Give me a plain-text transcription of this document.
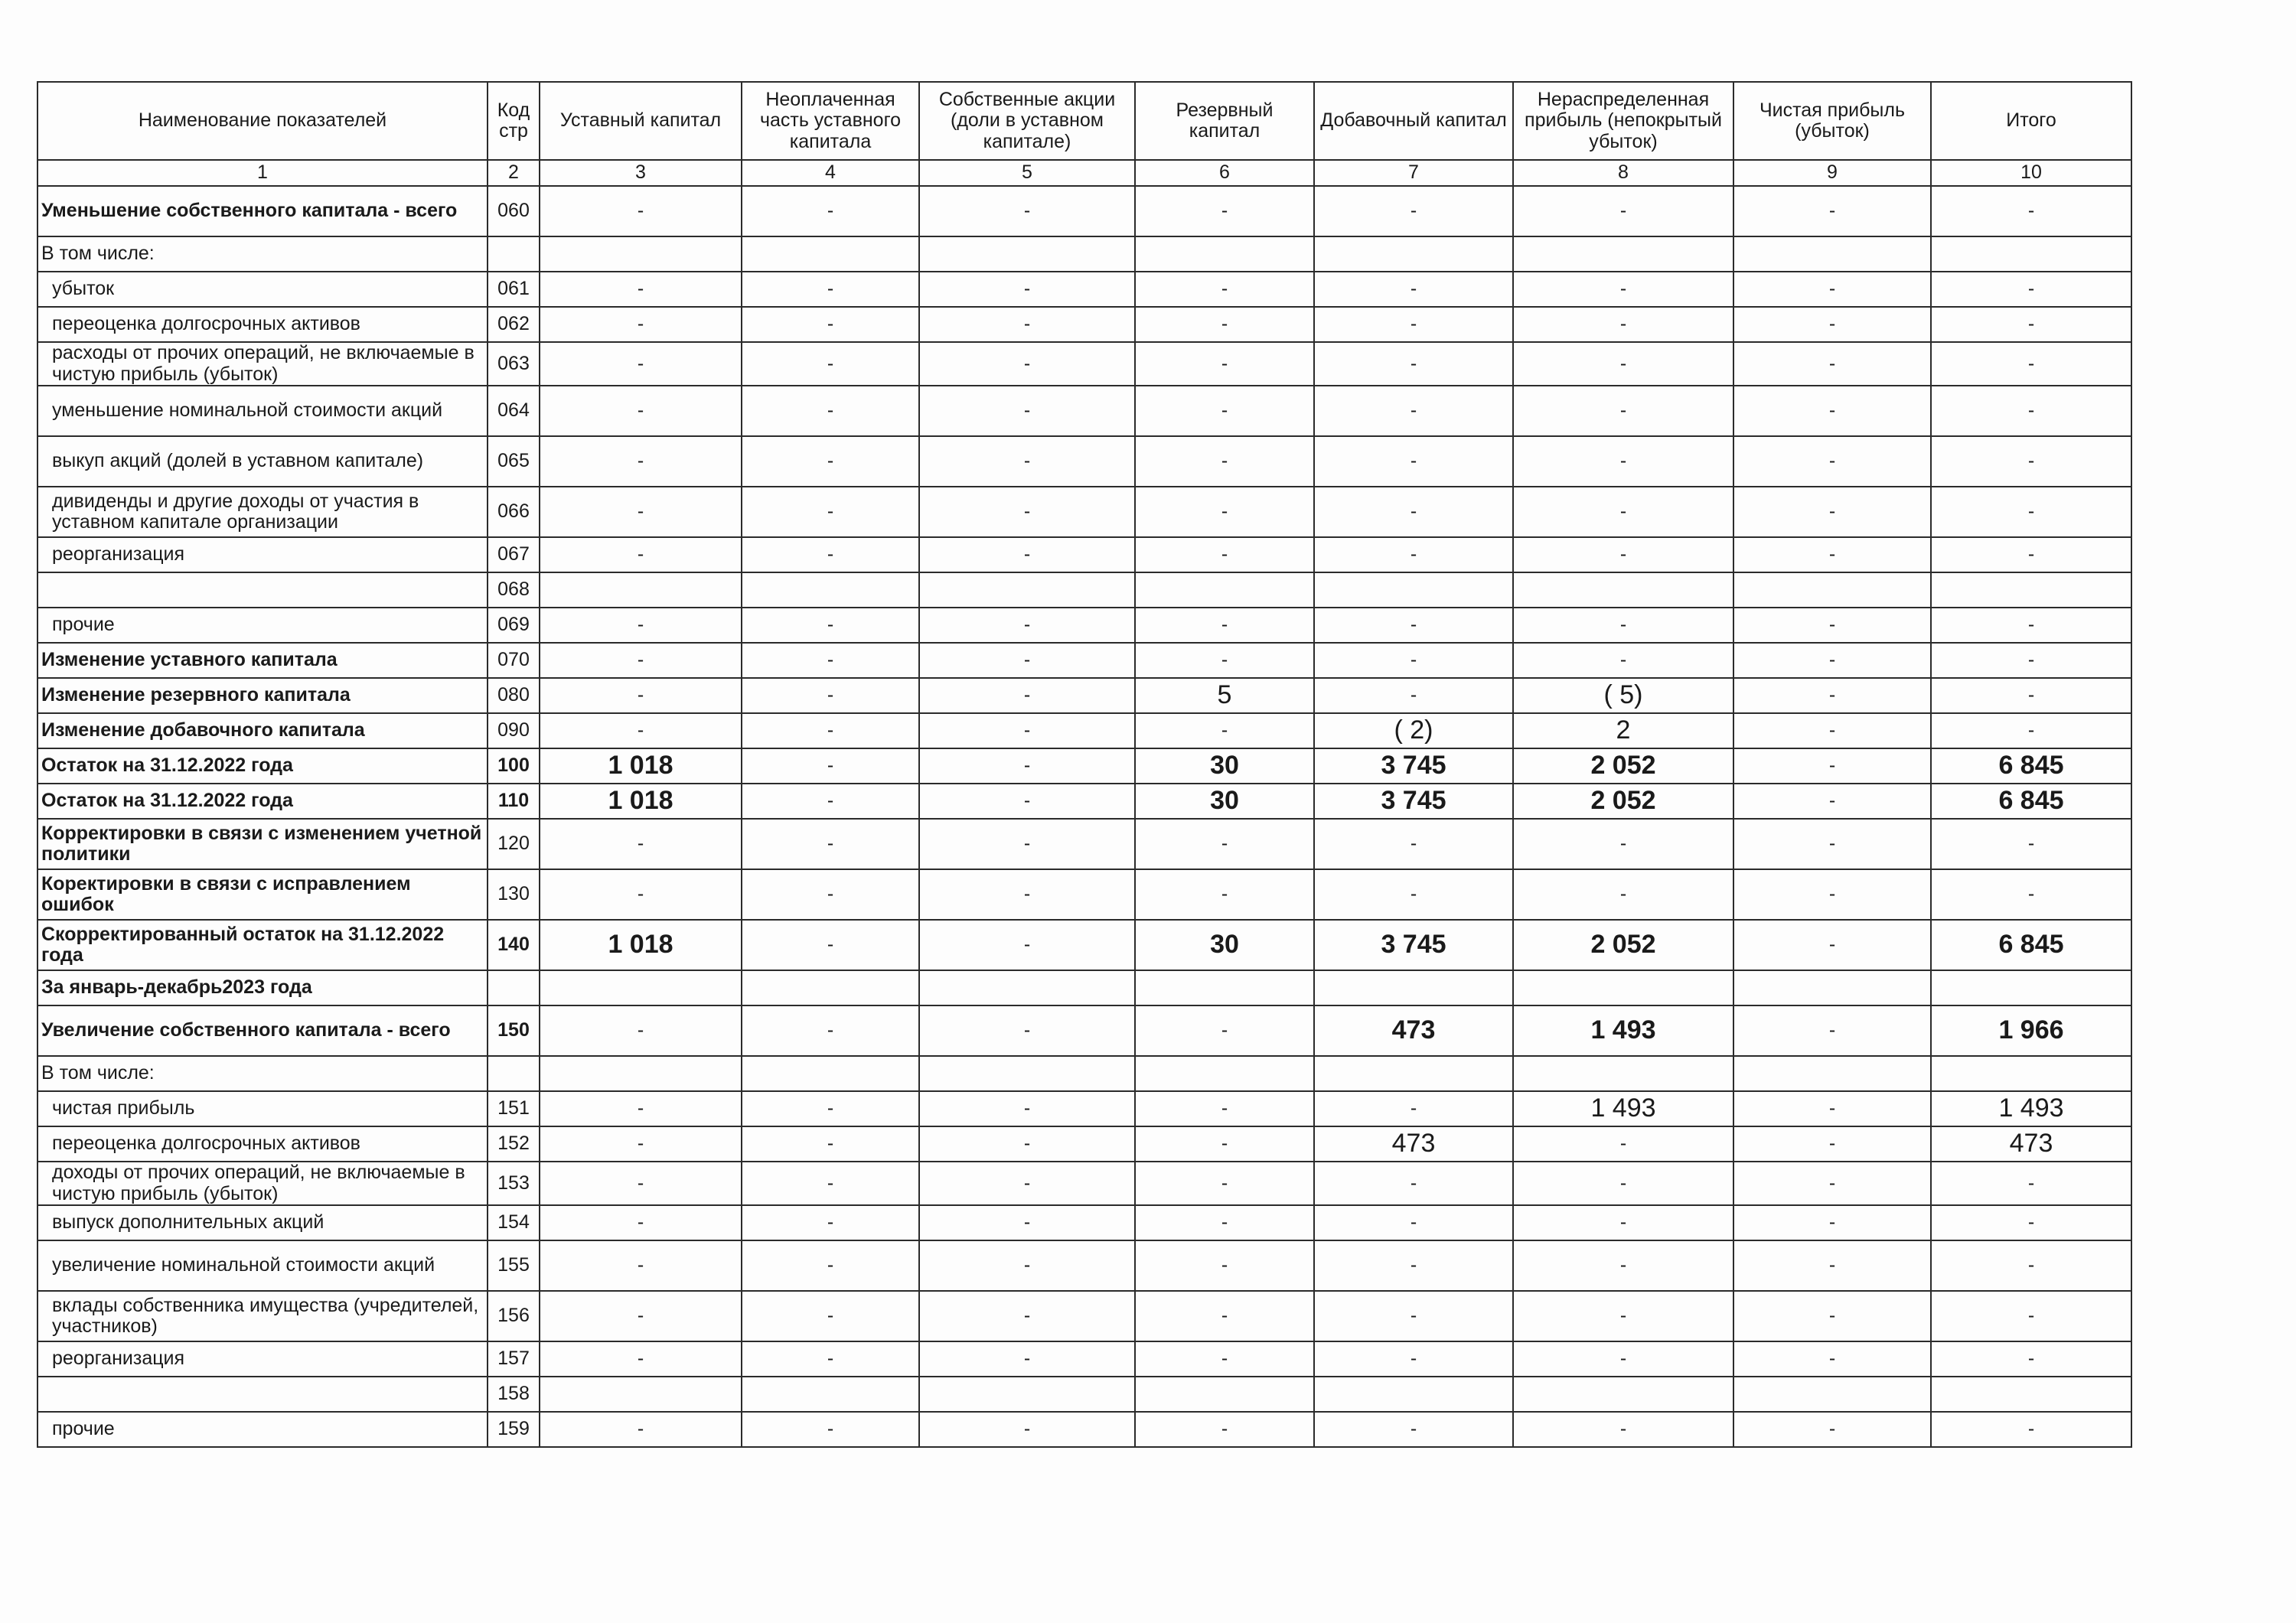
Наименование показателей	Код стр	Уставный капитал	Неоплаченная часть уставного капитала	Собственные акции (доли в уставном капитале)	Резервный капитал	Добавочный капитал	Нераспределенная прибыль (непокрытый убыток)	Чистая прибыль (убыток)	Итого
1	2	3	4	5	6	7	8	9	10
Уменьшение собственного капитала - всего	060	-	-	-	-	-	-	-	-
В том числе:									
убыток	061	-	-	-	-	-	-	-	-
переоценка долгосрочных активов	062	-	-	-	-	-	-	-	-
расходы от прочих операций, не включаемые в чистую прибыль (убыток)	063	-	-	-	-	-	-	-	-
уменьшение номинальной стоимости акций	064	-	-	-	-	-	-	-	-
выкуп акций (долей в уставном капитале)	065	-	-	-	-	-	-	-	-
дивиденды и другие доходы от участия в уставном капитале организации	066	-	-	-	-	-	-	-	-
реорганизация	067	-	-	-	-	-	-	-	-
	068								
прочие	069	-	-	-	-	-	-	-	-
Изменение уставного капитала	070	-	-	-	-	-	-	-	-
Изменение резервного капитала	080	-	-	-	5	-	( 5)	-	-
Изменение добавочного капитала	090	-	-	-	-	( 2)	2	-	-
Остаток на 31.12.2022 года	100	1 018	-	-	30	3 745	2 052	-	6 845
Остаток на 31.12.2022 года	110	1 018	-	-	30	3 745	2 052	-	6 845
Корректировки в связи с изменением учетной политики	120	-	-	-	-	-	-	-	-
Коректировки в связи с исправлением ошибок	130	-	-	-	-	-	-	-	-
Скорректированный остаток на 31.12.2022 года	140	1 018	-	-	30	3 745	2 052	-	6 845
За январь-декабрь2023 года									
Увеличение собственного капитала - всего	150	-	-	-	-	473	1 493	-	1 966
В том числе:									
чистая прибыль	151	-	-	-	-	-	1 493	-	1 493
переоценка долгосрочных активов	152	-	-	-	-	473	-	-	473
доходы от прочих операций, не включаемые в чистую прибыль (убыток)	153	-	-	-	-	-	-	-	-
выпуск дополнительных акций	154	-	-	-	-	-	-	-	-
увеличение номинальной стоимости акций	155	-	-	-	-	-	-	-	-
вклады собственника имущества (учредителей, участников)	156	-	-	-	-	-	-	-	-
реорганизация	157	-	-	-	-	-	-	-	-
	158								
прочие	159	-	-	-	-	-	-	-	-
